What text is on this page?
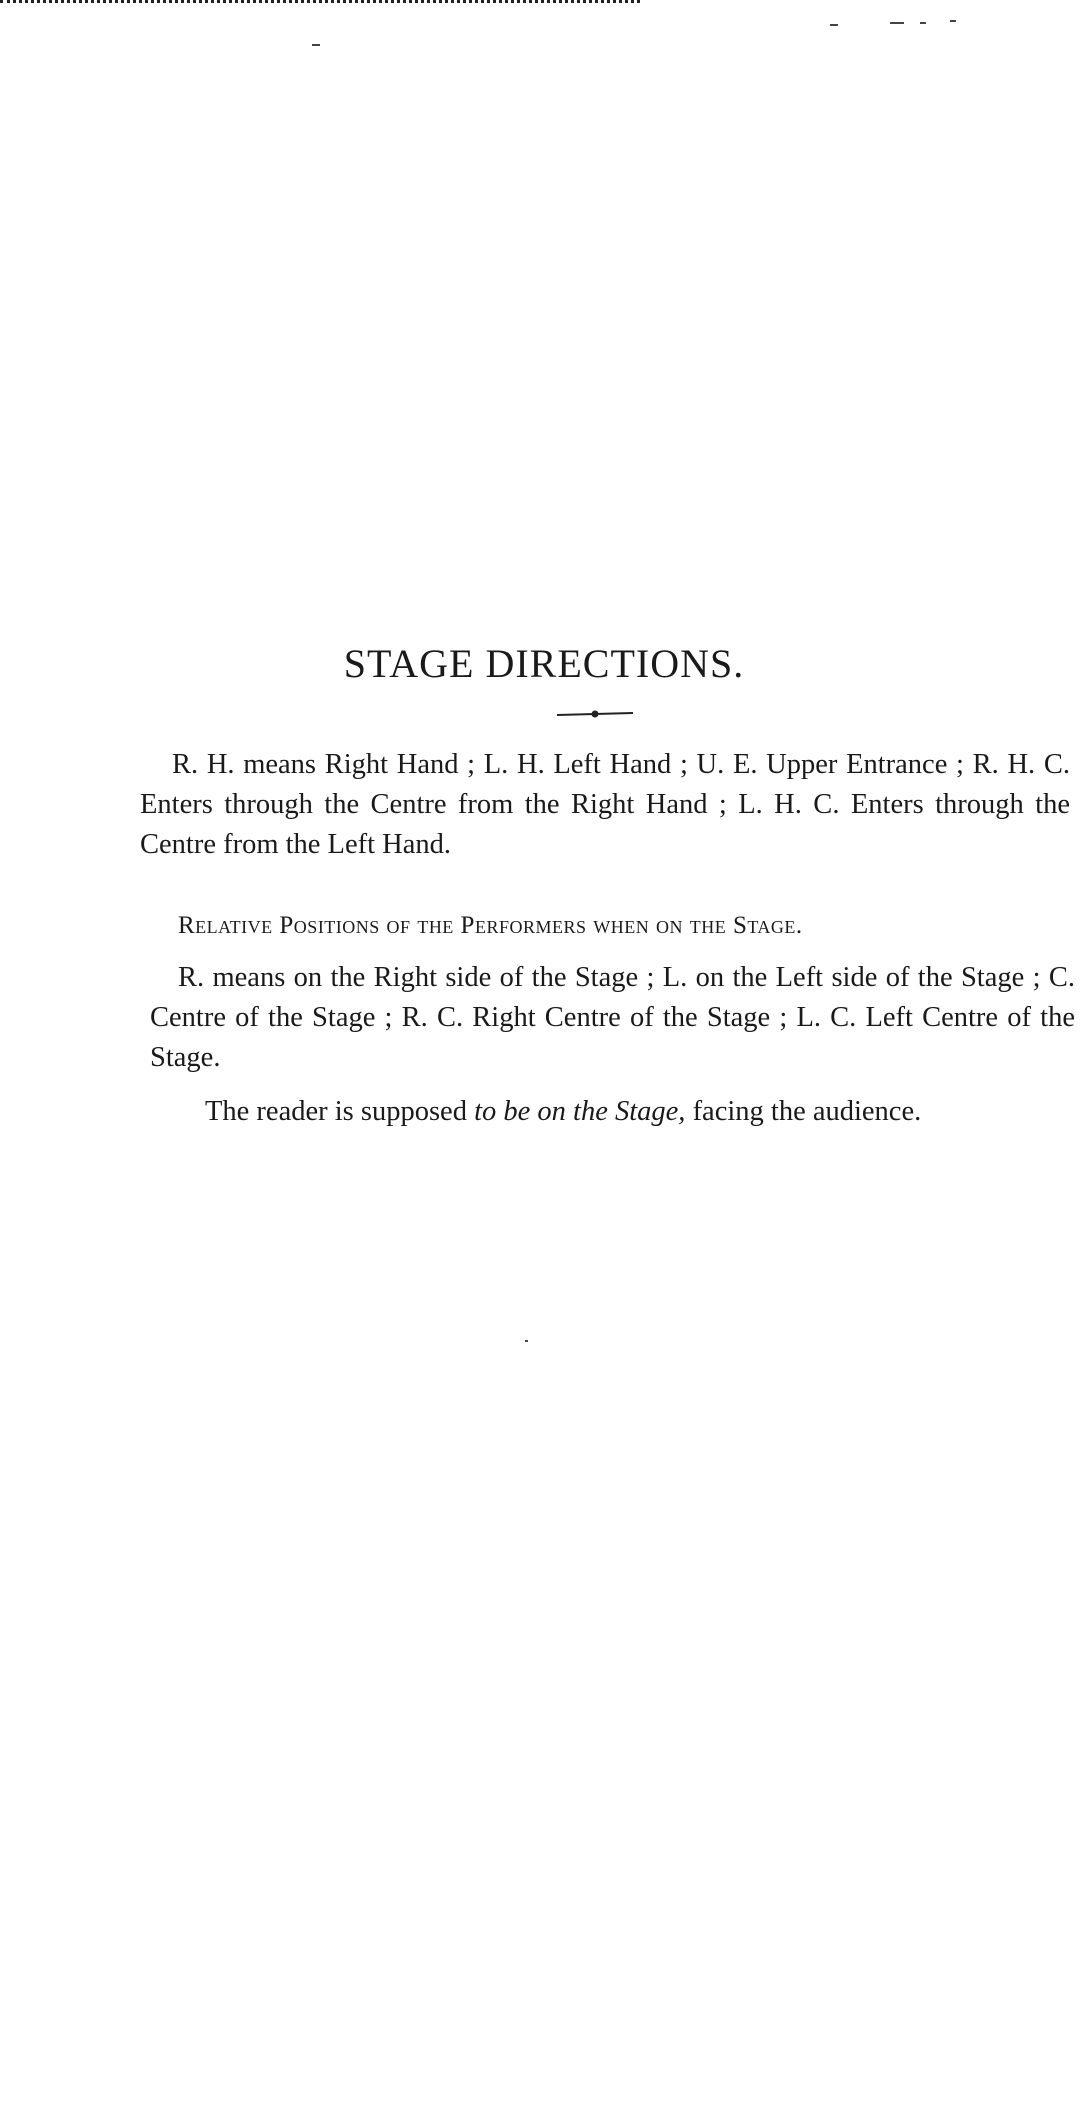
STAGE DIRECTIONS.

R. H. means Right Hand ; L. H. Left Hand ; U. E. Upper Entrance ; R. H. C. Enters through the Centre from the Right Hand ; L. H. C. Enters through the Centre from the Left Hand.

Relative Positions of the Performers when on the Stage.

R. means on the Right side of the Stage ; L. on the Left side of the Stage ; C. Centre of the Stage ; R. C. Right Centre of the Stage ; L. C. Left Centre of the Stage.

The reader is supposed to be on the Stage, facing the audience.
